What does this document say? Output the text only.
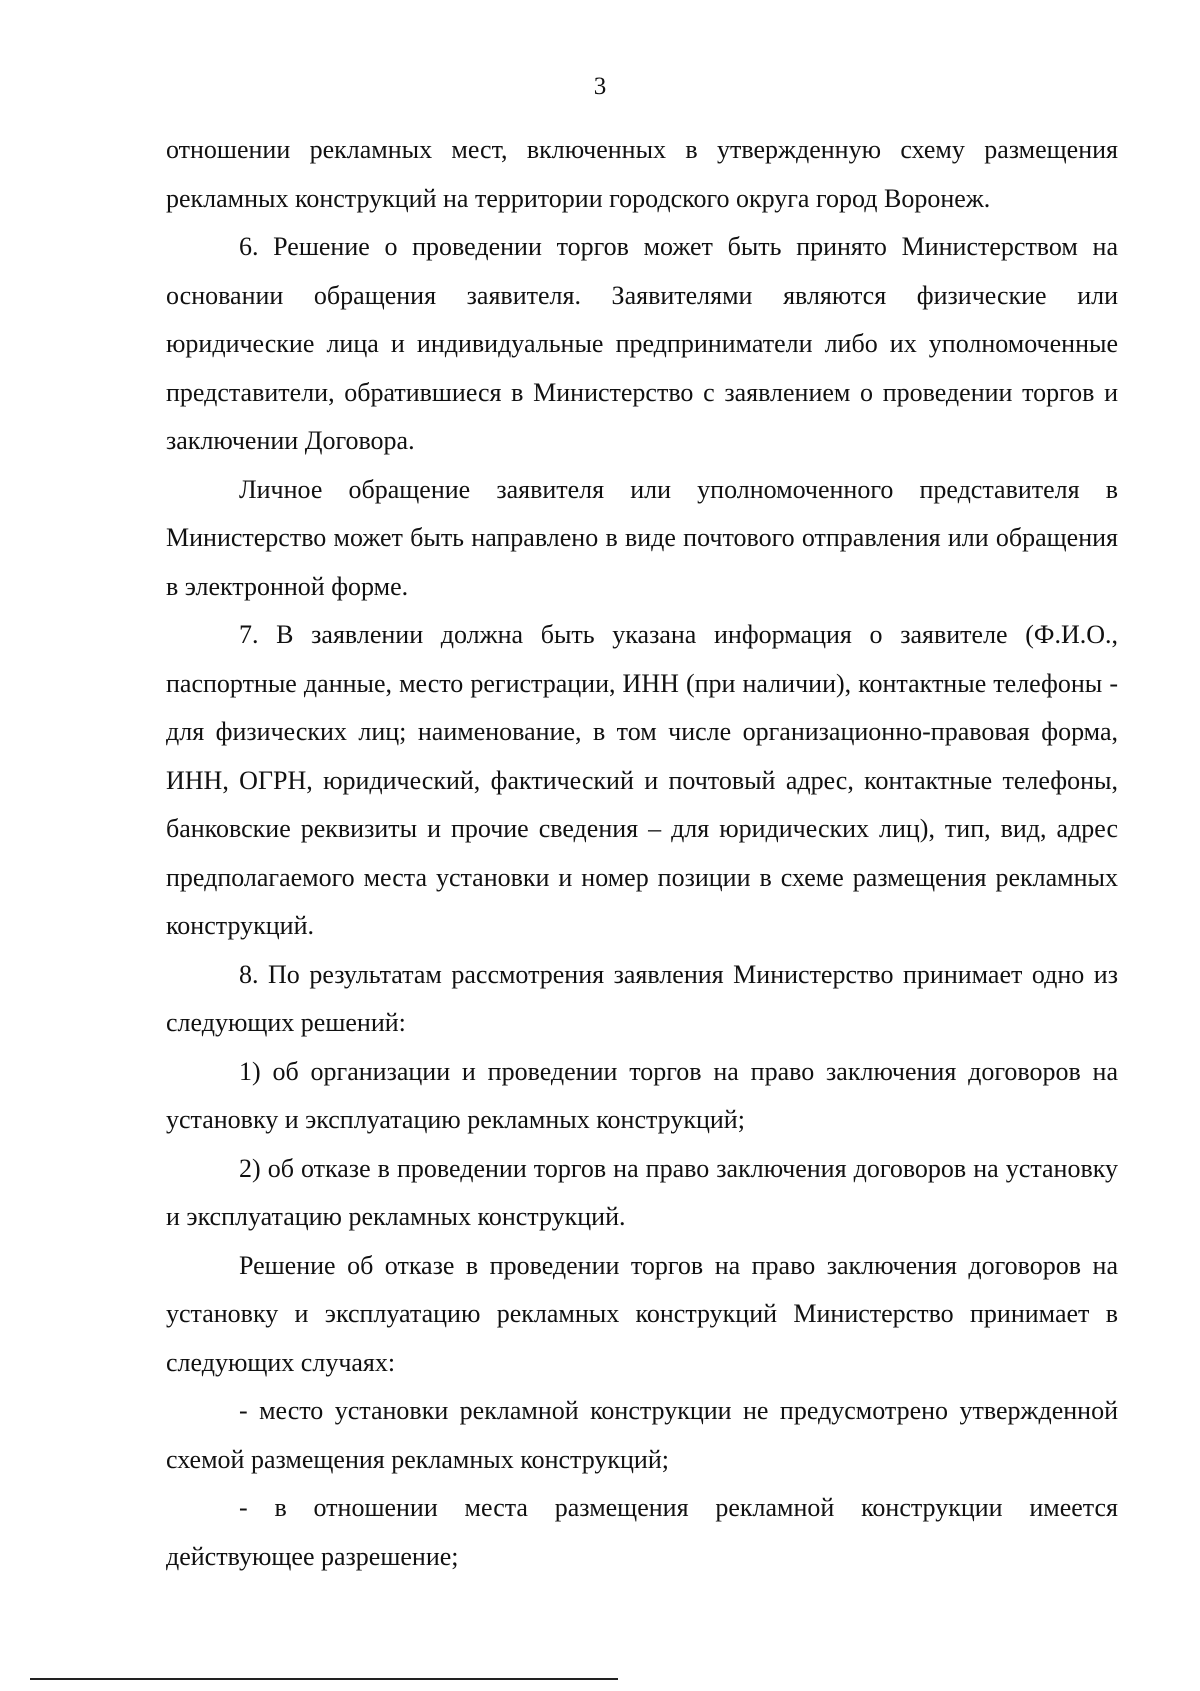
3

отношении рекламных мест, включенных в утвержденную схему размещения рекламных конструкций на территории городского округа город Воронеж.

6. Решение о проведении торгов может быть принято Министерством на основании обращения заявителя. Заявителями являются физические или юридические лица и индивидуальные предприниматели либо их уполномоченные представители, обратившиеся в Министерство с заявлением о проведении торгов и заключении Договора.

Личное обращение заявителя или уполномоченного представителя в Министерство может быть направлено в виде почтового отправления или обращения в электронной форме.

7. В заявлении должна быть указана информация о заявителе (Ф.И.О., паспортные данные, место регистрации, ИНН (при наличии), контактные телефоны - для физических лиц; наименование, в том числе организационно-правовая форма, ИНН, ОГРН, юридический, фактический и почтовый адрес, контактные телефоны, банковские реквизиты и прочие сведения – для юридических лиц), тип, вид, адрес предполагаемого места установки и номер позиции в схеме размещения рекламных конструкций.

8. По результатам рассмотрения заявления Министерство принимает одно из следующих решений:

1) об организации и проведении торгов на право заключения договоров на установку и эксплуатацию рекламных конструкций;

2) об отказе в проведении торгов на право заключения договоров на установку и эксплуатацию рекламных конструкций.

Решение об отказе в проведении торгов на право заключения договоров на установку и эксплуатацию рекламных конструкций Министерство принимает в следующих случаях:

- место установки рекламной конструкции не предусмотрено утвержденной схемой размещения рекламных конструкций;

- в отношении места размещения рекламной конструкции имеется действующее разрешение;
